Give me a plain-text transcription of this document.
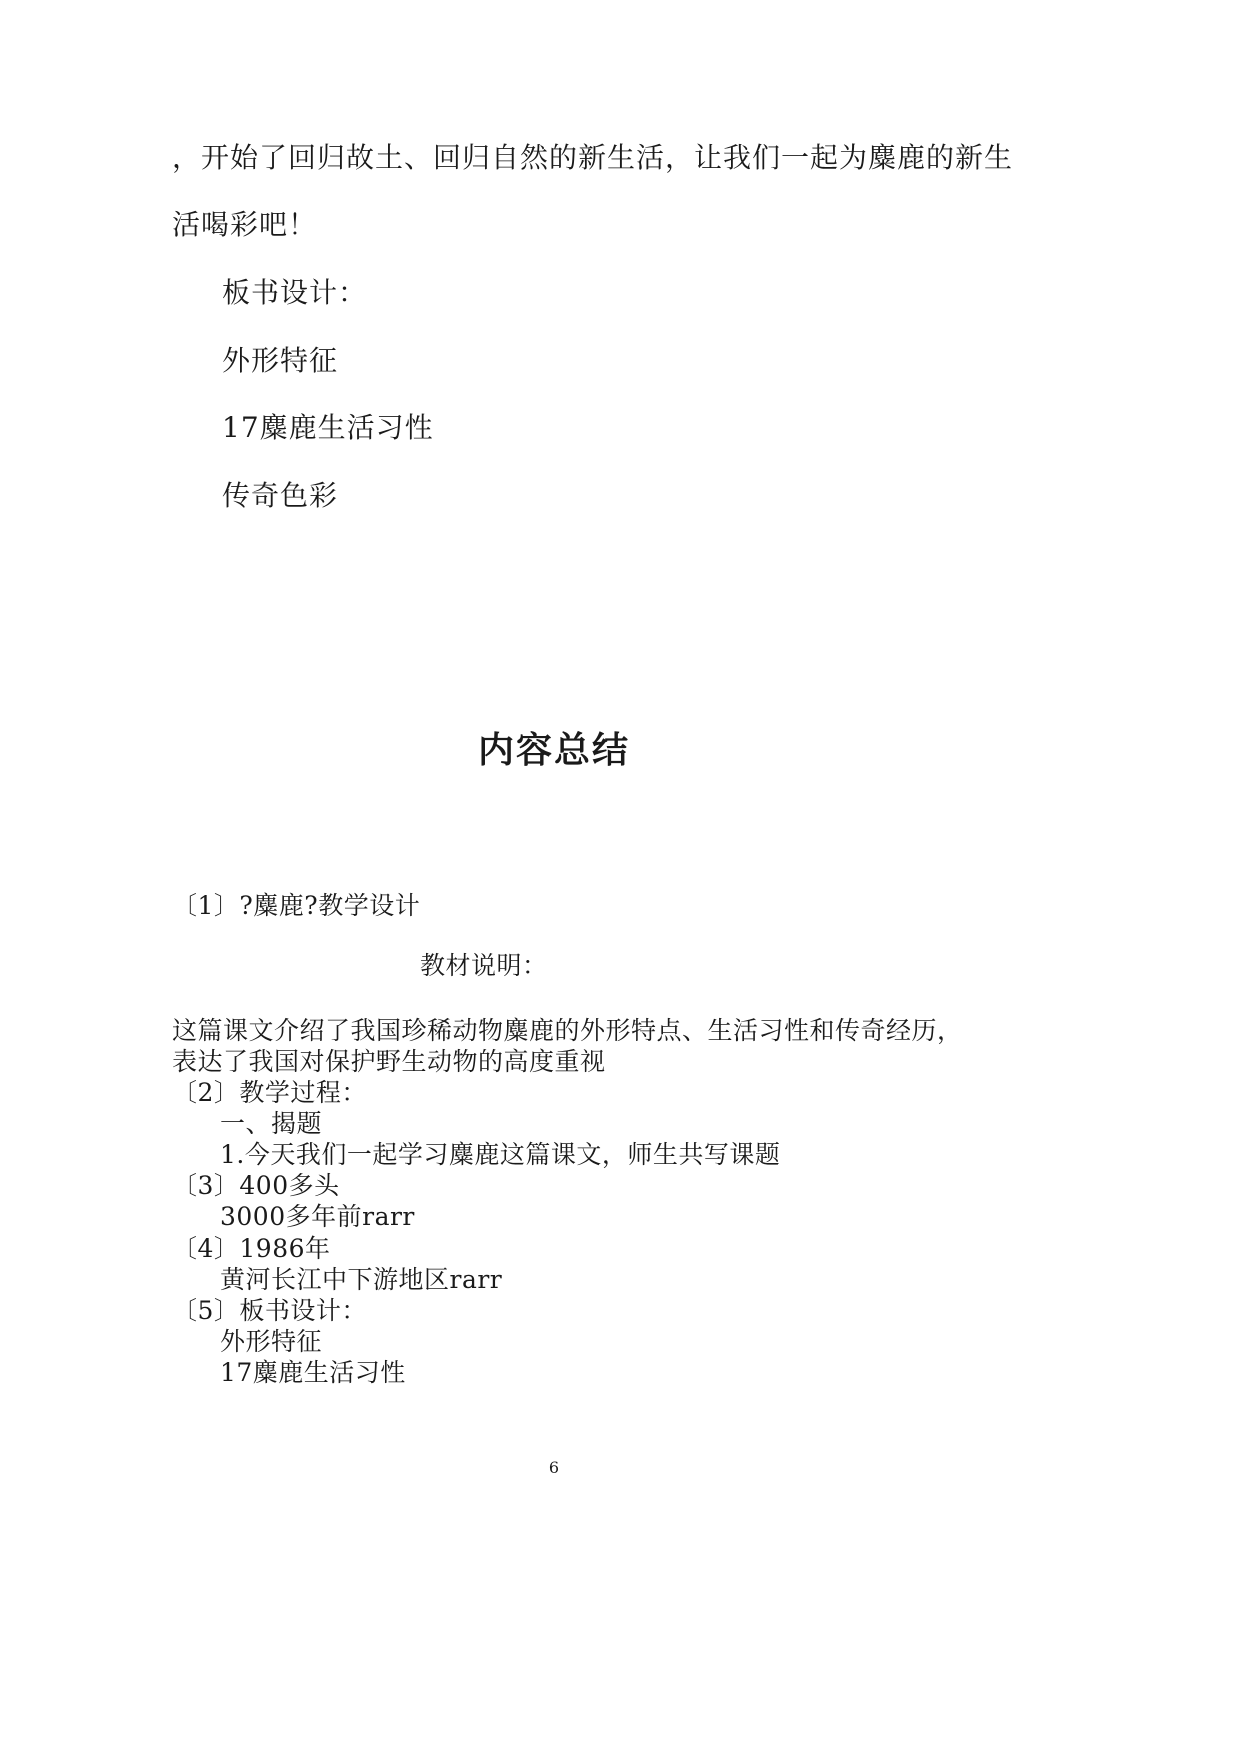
，开始了回归故土、回归自然的新生活，让我们一起为麋鹿的新生

活喝彩吧！

板书设计：

外形特征

17麋鹿生活习性

传奇色彩

内容总结

〔1〕?麋鹿?教学设计

教材说明：

这篇课文介绍了我国珍稀动物麋鹿的外形特点、生活习性和传奇经历，

表达了我国对保护野生动物的高度重视

〔2〕教学过程：

一、揭题

1.今天我们一起学习麋鹿这篇课文，师生共写课题

〔3〕400多头

3000多年前rarr

〔4〕1986年

黄河长江中下游地区rarr

〔5〕板书设计：

外形特征

17麋鹿生活习性

6
